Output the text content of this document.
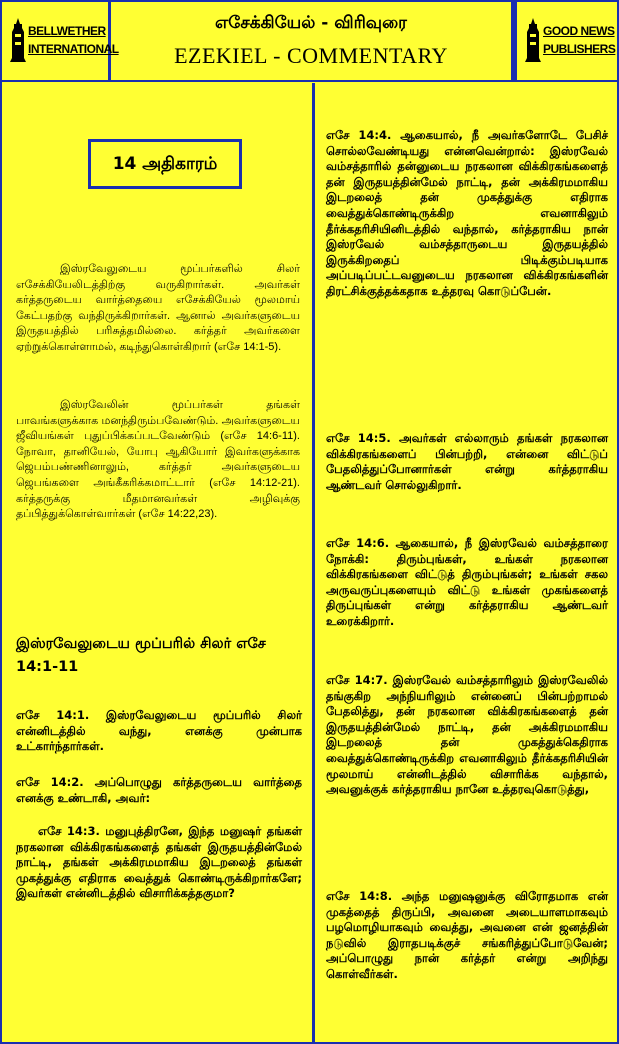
BELLWETHER
INTERNATIONAL
எசேக்கியேல் - விரிவுரை
EZEKIEL - COMMENTARY
GOOD NEWS
PUBLISHERS
14 அதிகாரம்

இஸ்ரவேலுடைய மூப்பர்களில் சிலர் எசேக்கியேலிடத்திற்கு வருகிறார்கள். அவர்கள் கர்த்தருடைய வார்த்தையை எசேக்கியேல் மூலமாய் கேட்பதற்கு வந்திருக்கிறார்கள். ஆனால் அவர்களுடைய இருதயத்தில் பரிசுத்தமில்லை. கர்த்தர் அவர்களை ஏற்றுக்கொள்ளாமல், கடிந்துகொள்கிறார் (எசே 14:1-5).

இஸ்ரவேலின் மூப்பர்கள் தங்கள் பாவங்களுக்காக மனந்திரும்பவேண்டும். அவர்களுடைய ஜீவியங்கள் புதுப்பிக்கப்படவேண்டும் (எசே 14:6-11). நோவா, தானியேல், யோபு ஆகியோர் இவர்களுக்காக ஜெபம்பண்ணினாலும், கர்த்தர் அவர்களுடைய ஜெபங்களை அங்கீகரிக்கமாட்டார் (எசே 14:12-21). கர்த்தருக்கு மீதமானவர்கள் அழிவுக்கு தப்பித்துக்கொள்வார்கள் (எசே 14:22,23).

இஸ்ரவேலுடைய மூப்பரில் சிலர் எசே 14:1-11

எசே 14:1. இஸ்ரவேலுடைய மூப்பரில் சிலர் என்னிடத்தில் வந்து, எனக்கு முன்பாக உட்கார்ந்தார்கள்.

எசே 14:2. அப்பொழுது கர்த்தருடைய வார்த்தை எனக்கு உண்டாகி, அவர்:

எசே 14:3. மனுபுத்திரனே, இந்த மனுஷர் தங்கள் நரகலான விக்கிரகங்களைத் தங்கள் இருதயத்தின்மேல் நாட்டி, தங்கள் அக்கிரமமாகிய இடறலைத் தங்கள் முகத்துக்கு எதிராக வைத்துக் கொண்டிருக்கிறார்களே; இவர்கள் என்னிடத்தில் விசாரிக்கத்தகுமா?

எசே 14:4. ஆகையால், நீ அவர்களோடே பேசிச் சொல்லவேண்டியது என்னவென்றால்: இஸ்ரவேல் வம்சத்தாரில் தன்னுடைய நரகலான விக்கிரகங்களைத் தன் இருதயத்தின்மேல் நாட்டி, தன் அக்கிரமமாகிய இடறலைத் தன் முகத்துக்கு எதிராக வைத்துக்கொண்டிருக்கிற எவனாகிலும் தீர்க்கதரிசியினிடத்தில் வந்தால், கர்த்தராகிய நான் இஸ்ரவேல் வம்சத்தாருடைய இருதயத்தில் இருக்கிறதைப் பிடிக்கும்படியாக அப்படிப்பட்டவனுடைய நரகலான விக்கிரகங்களின் திரட்சிக்குத்தக்கதாக உத்தரவு கொடுப்பேன்.

எசே 14:5. அவர்கள் எல்லாரும் தங்கள் நரகலான விக்கிரகங்களைப் பின்பற்றி, என்னை விட்டுப் பேதலித்துப்போனார்கள் என்று கர்த்தராகிய ஆண்டவர் சொல்லுகிறார்.

எசே 14:6. ஆகையால், நீ இஸ்ரவேல் வம்சத்தாரை நோக்கி: திரும்புங்கள், உங்கள் நரகலான விக்கிரகங்களை விட்டுத் திரும்புங்கள்; உங்கள் சகல அருவருப்புகளையும் விட்டு உங்கள் முகங்களைத் திருப்புங்கள் என்று கர்த்தராகிய ஆண்டவர் உரைக்கிறார்.

எசே 14:7. இஸ்ரவேல் வம்சத்தாரிலும் இஸ்ரவேலில் தங்குகிற அந்நியரிலும் என்னைப் பின்பற்றாமல் பேதலித்து, தன் நரகலான விக்கிரகங்களைத் தன் இருதயத்தின்மேல் நாட்டி, தன் அக்கிரமமாகிய இடறலைத் தன் முகத்துக்கெதிராக வைத்துக்கொண்டிருக்கிற எவனாகிலும் தீர்க்கதரிசியின் மூலமாய் என்னிடத்தில் விசாரிக்க வந்தால், அவனுக்குக் கர்த்தராகிய நானே உத்தரவுகொடுத்து,

எசே 14:8. அந்த மனுஷனுக்கு விரோதமாக என் முகத்தைத் திருப்பி, அவனை அடையாளமாகவும் பழமொழியாகவும் வைத்து, அவனை என் ஜனத்தின் நடுவில் இராதபடிக்குச் சங்கரித்துப்போடுவேன்; அப்பொழுது நான் கர்த்தர் என்று அறிந்து கொள்வீர்கள்.
